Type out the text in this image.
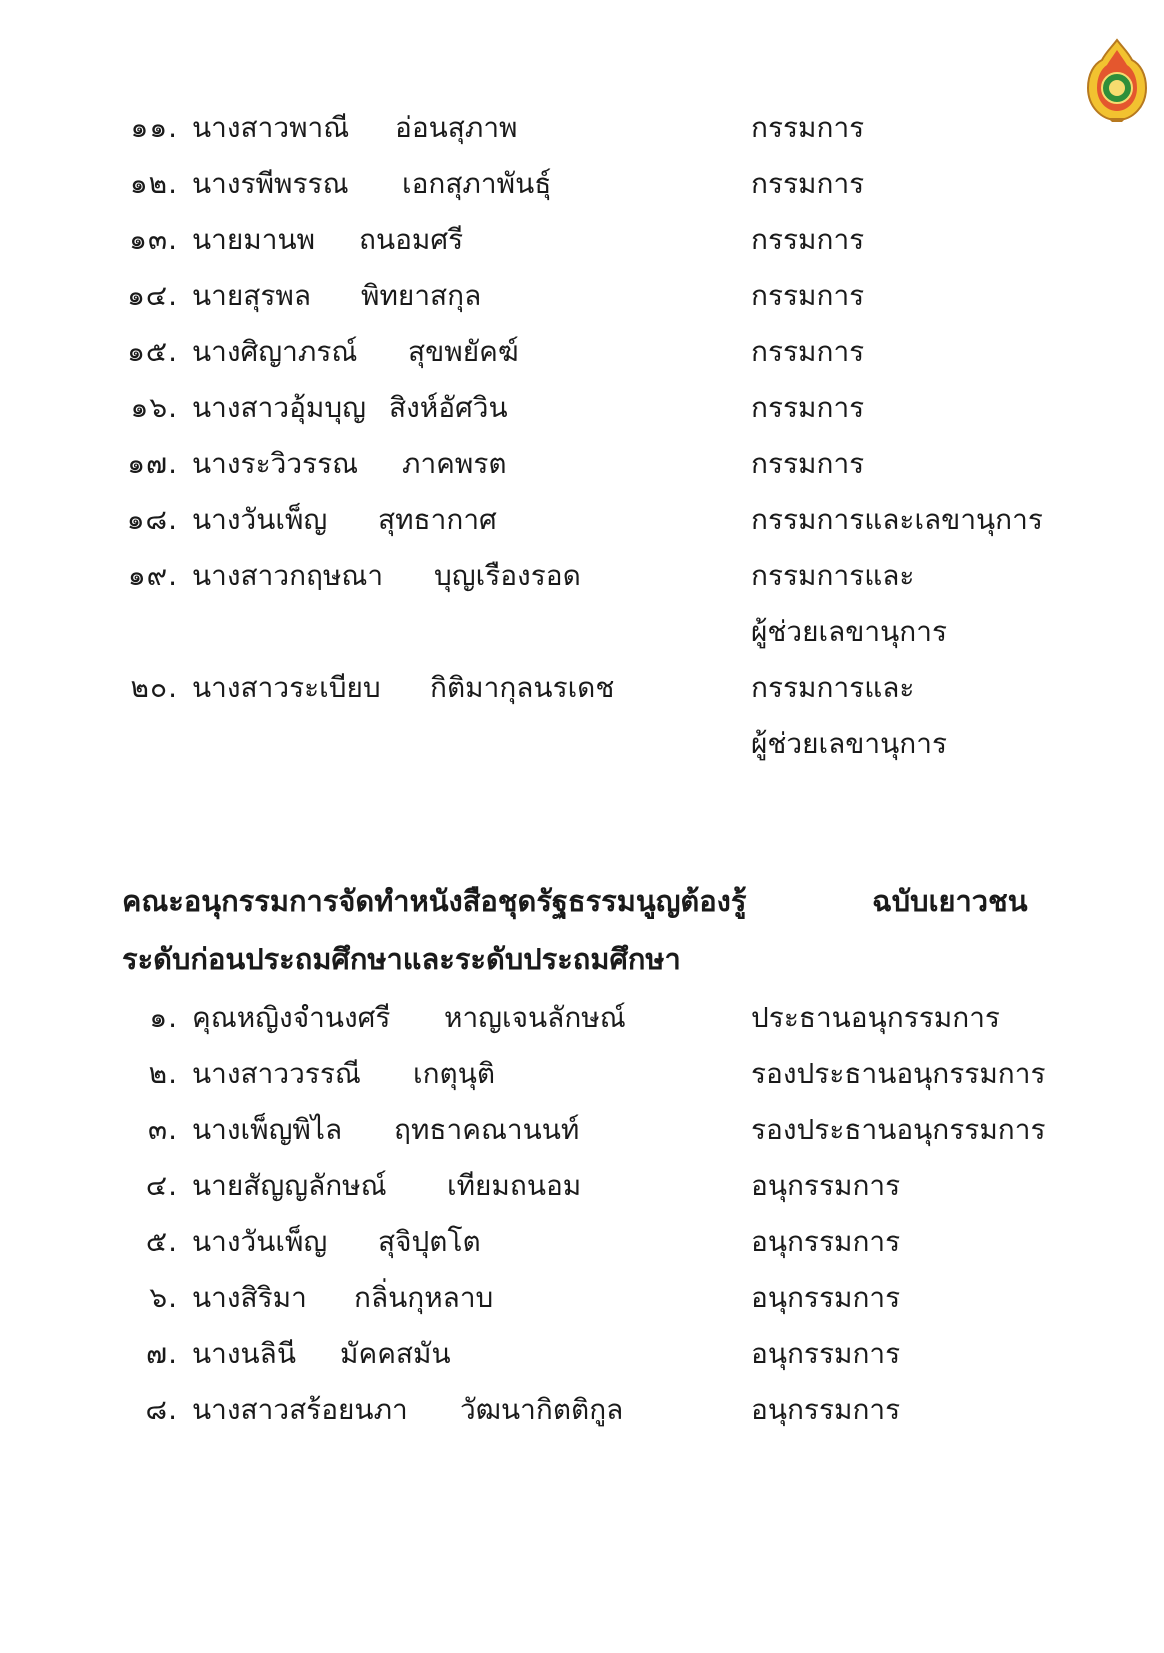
๑๑. นางสาวพาณี อ่อนสุภาพ	กรรมการ
๑๒. นางรพีพรรณ เอกสุภาพันธุ์	กรรมการ
๑๓. นายมานพ ถนอมศรี	กรรมการ
๑๔. นายสุรพล พิทยาสกุล	กรรมการ
๑๕. นางศิญาภรณ์ สุขพยัคฆ์	กรรมการ
๑๖. นางสาวอุ้มบุญ สิงห์อัศวิน	กรรมการ
๑๗. นางระวิวรรณ ภาคพรต	กรรมการ
๑๘. นางวันเพ็ญ สุทธากาศ	กรรมการและเลขานุการ
๑๙. นางสาวกฤษณา บุญเรืองรอด	กรรมการและ
ผู้ช่วยเลขานุการ
๒๐. นางสาวระเบียบ กิติมากุลนรเดช	กรรมการและ
ผู้ช่วยเลขานุการ
คณะอนุกรรมการจัดทำหนังสือชุดรัฐธรรมนูญต้องรู้	ฉบับเยาวชน
ระดับก่อนประถมศึกษาและระดับประถมศึกษา
๑. คุณหญิงจำนงศรี หาญเจนลักษณ์	ประธานอนุกรรมการ
๒. นางสาววรรณี เกตุนุติ	รองประธานอนุกรรมการ
๓. นางเพ็ญพิไล ฤทธาคณานนท์	รองประธานอนุกรรมการ
๔. นายสัญญลักษณ์ เทียมถนอม	อนุกรรมการ
๕. นางวันเพ็ญ สุจิปุตโต	อนุกรรมการ
๖. นางสิริมา กลิ่นกุหลาบ	อนุกรรมการ
๗. นางนลินี มัคคสมัน	อนุกรรมการ
๘. นางสาวสร้อยนภา วัฒนากิตติกูล	อนุกรรมการ
